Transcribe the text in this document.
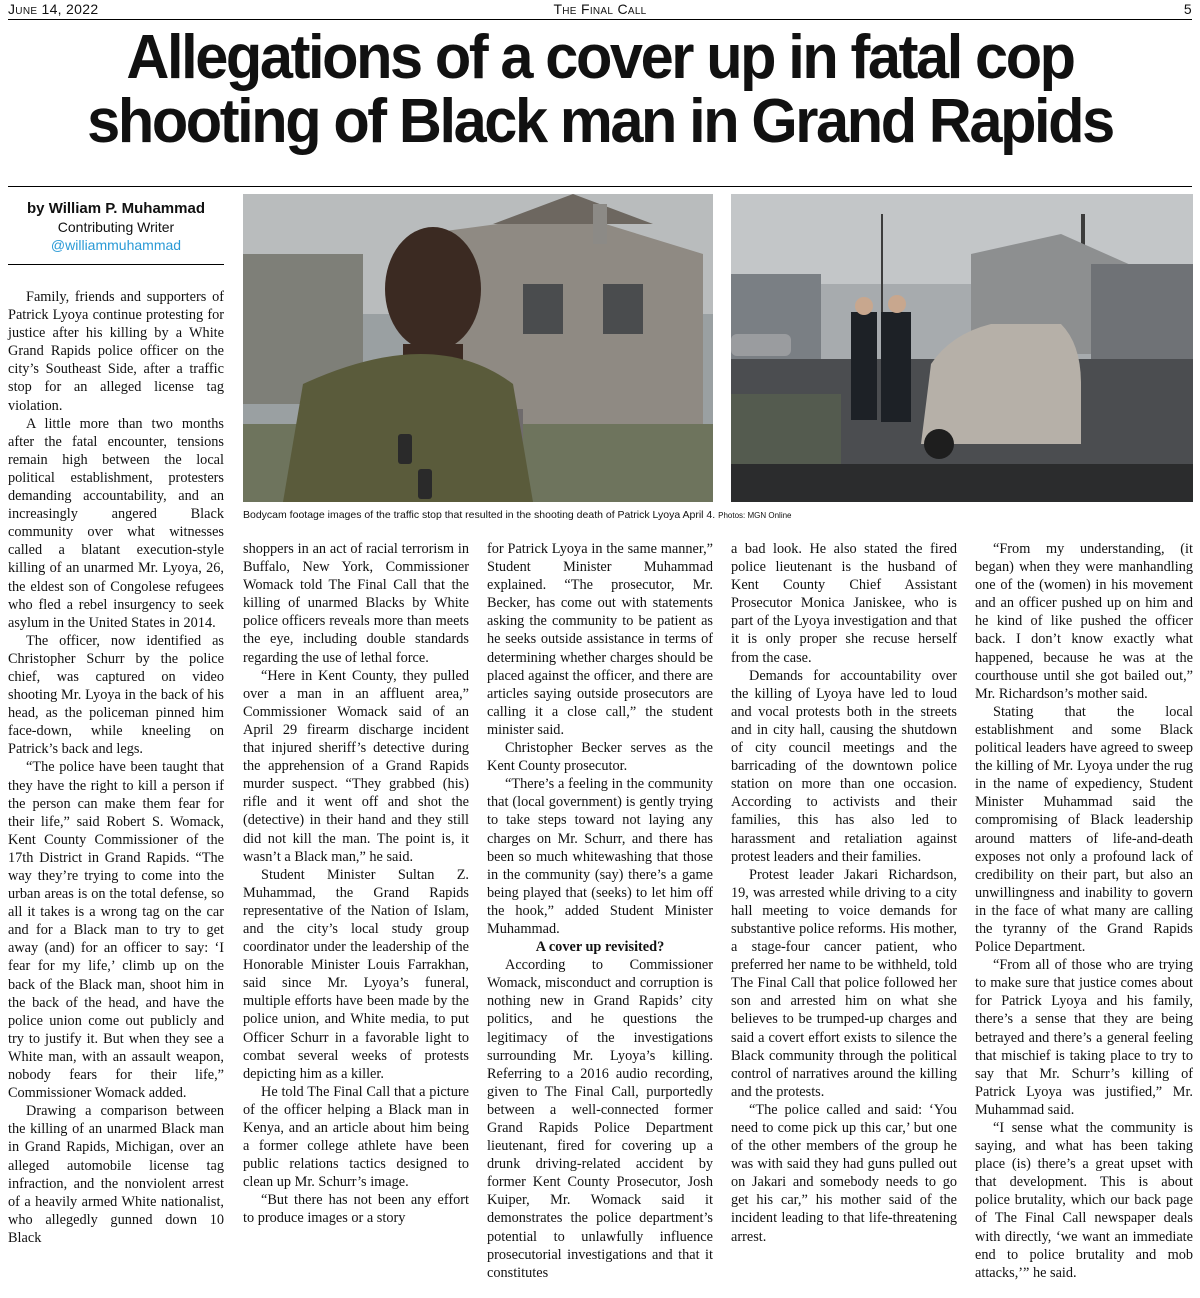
June 14, 2022	The Final Call	5
Allegations of a cover up in fatal cop
shooting of Black man in Grand Rapids
by William P. Muhammad
Contributing Writer
@williammuhammad
Bodycam footage images of the traffic stop that resulted in the shooting death of Patrick Lyoya April 4. Photos: MGN Online

Family, friends and supporters of Patrick Lyoya continue protesting for justice after his killing by a White Grand Rapids police officer on the city’s Southeast Side, after a traffic stop for an alleged license tag violation.

A little more than two months after the fatal encounter, tensions remain high between the local political establishment, protesters demanding accountability, and an increasingly angered Black community over what witnesses called a blatant execution-style killing of an unarmed Mr. Lyoya, 26, the eldest son of Congolese refugees who fled a rebel insurgency to seek asylum in the United States in 2014.

The officer, now identified as Christopher Schurr by the police chief, was captured on video shooting Mr. Lyoya in the back of his head, as the policeman pinned him face-down, while kneeling on Patrick’s back and legs.

“The police have been taught that they have the right to kill a person if the person can make them fear for their life,” said Robert S. Womack, Kent County Commissioner of the 17th District in Grand Rapids. “The way they’re trying to come into the urban areas is on the total defense, so all it takes is a wrong tag on the car and for a Black man to try to get away (and) for an officer to say: ‘I fear for my life,’ climb up on the back of the Black man, shoot him in the back of the head, and have the police union come out publicly and try to justify it. But when they see a White man, with an assault weapon, nobody fears for their life,” Commissioner Womack added.

Drawing a comparison between the killing of an unarmed Black man in Grand Rapids, Michigan, over an alleged automobile license tag infraction, and the nonviolent arrest of a heavily armed White nationalist, who allegedly gunned down 10 Black

shoppers in an act of racial terrorism in Buffalo, New York, Commissioner Womack told The Final Call that the killing of unarmed Blacks by White police officers reveals more than meets the eye, including double standards regarding the use of lethal force.

“Here in Kent County, they pulled over a man in an affluent area,” Commissioner Womack said of an April 29 firearm discharge incident that injured sheriff’s detective during the apprehension of a Grand Rapids murder suspect. “They grabbed (his) rifle and it went off and shot the (detective) in their hand and they still did not kill the man. The point is, it wasn’t a Black man,” he said.

Student Minister Sultan Z. Muhammad, the Grand Rapids representative of the Nation of Islam, and the city’s local study group coordinator under the leadership of the Honorable Minister Louis Farrakhan, said since Mr. Lyoya’s funeral, multiple efforts have been made by the police union, and White media, to put Officer Schurr in a favorable light to combat several weeks of protests depicting him as a killer.

He told The Final Call that a picture of the officer helping a Black man in Kenya, and an article about him being a former college athlete have been public relations tactics designed to clean up Mr. Schurr’s image.

“But there has not been any effort to produce images or a story

for Patrick Lyoya in the same manner,” Student Minister Muhammad explained. “The prosecutor, Mr. Becker, has come out with statements asking the community to be patient as he seeks outside assistance in terms of determining whether charges should be placed against the officer, and there are articles saying outside prosecutors are calling it a close call,” the student minister said.

Christopher Becker serves as the Kent County prosecutor.

“There’s a feeling in the community that (local government) is gently trying to take steps toward not laying any charges on Mr. Schurr, and there has been so much whitewashing that those in the community (say) there’s a game being played that (seeks) to let him off the hook,” added Student Minister Muhammad.

A cover up revisited?

According to Commissioner Womack, misconduct and corruption is nothing new in Grand Rapids’ city politics, and he questions the legitimacy of the investigations surrounding Mr. Lyoya’s killing. Referring to a 2016 audio recording, given to The Final Call, purportedly between a well-connected former Grand Rapids Police Department lieutenant, fired for covering up a drunk driving-related accident by former Kent County Prosecutor, Josh Kuiper, Mr. Womack said it demonstrates the police department’s potential to unlawfully influence prosecutorial investigations and that it constitutes

a bad look. He also stated the fired police lieutenant is the husband of Kent County Chief Assistant Prosecutor Monica Janiskee, who is part of the Lyoya investigation and that it is only proper she recuse herself from the case.

Demands for accountability over the killing of Lyoya have led to loud and vocal protests both in the streets and in city hall, causing the shutdown of city council meetings and the barricading of the downtown police station on more than one occasion. According to activists and their families, this has also led to harassment and retaliation against protest leaders and their families.

Protest leader Jakari Richardson, 19, was arrested while driving to a city hall meeting to voice demands for substantive police reforms. His mother, a stage-four cancer patient, who preferred her name to be withheld, told The Final Call that police followed her son and arrested him on what she believes to be trumped-up charges and said a covert effort exists to silence the Black community through the political control of narratives around the killing and the protests.

“The police called and said: ‘You need to come pick up this car,’ but one of the other members of the group he was with said they had guns pulled out on Jakari and somebody needs to go get his car,” his mother said of the incident leading to that life-threatening arrest.

“From my understanding, (it began) when they were manhandling one of the (women) in his movement and an officer pushed up on him and he kind of like pushed the officer back. I don’t know exactly what happened, because he was at the courthouse until she got bailed out,” Mr. Richardson’s mother said.

Stating that the local establishment and some Black political leaders have agreed to sweep the killing of Mr. Lyoya under the rug in the name of expediency, Student Minister Muhammad said the compromising of Black leadership around matters of life-and-death exposes not only a profound lack of credibility on their part, but also an unwillingness and inability to govern in the face of what many are calling the tyranny of the Grand Rapids Police Department.

“From all of those who are trying to make sure that justice comes about for Patrick Lyoya and his family, there’s a sense that they are being betrayed and there’s a general feeling that mischief is taking place to try to say that Mr. Schurr’s killing of Patrick Lyoya was justified,” Mr. Muhammad said.

“I sense what the community is saying, and what has been taking place (is) there’s a great upset with that development. This is about police brutality, which our back page of The Final Call newspaper deals with directly, ‘we want an immediate end to police brutality and mob attacks,’” he said.
